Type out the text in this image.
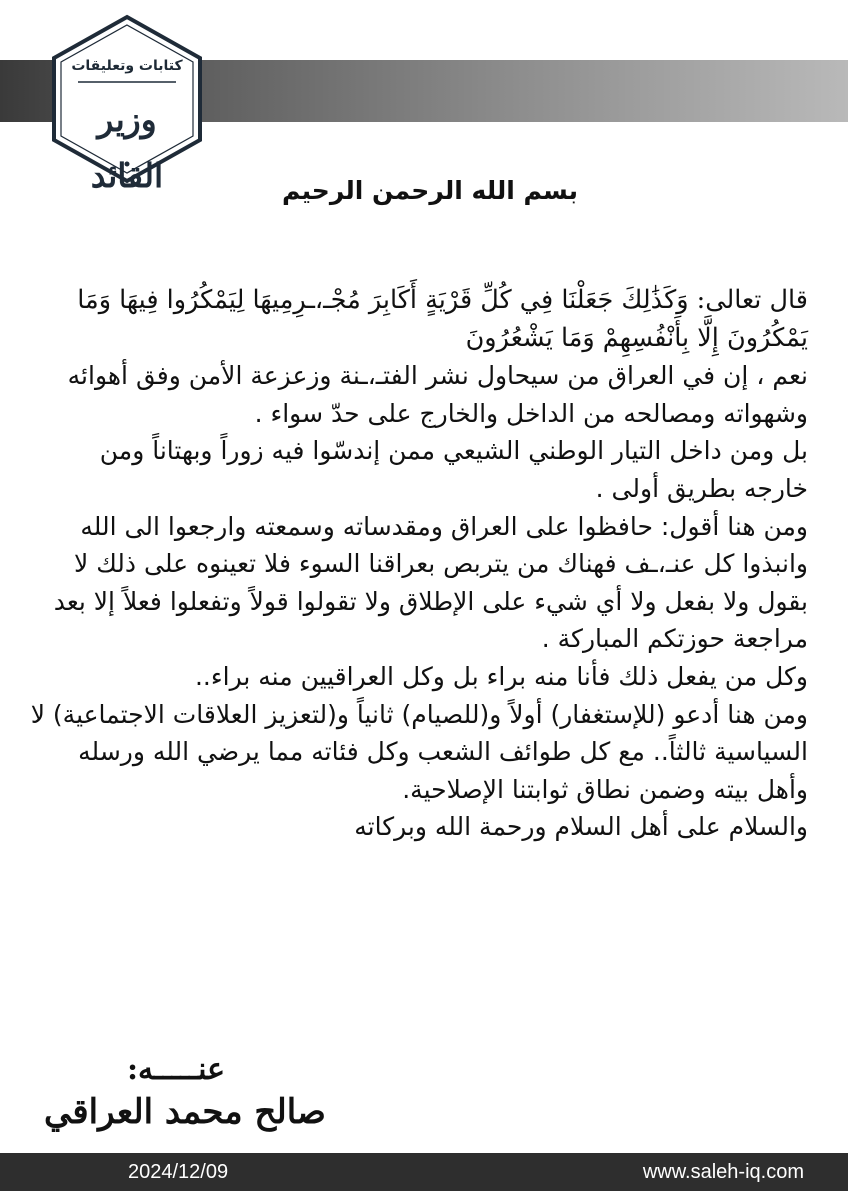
كتابات وتعليقات
وزير القائد	بسم الله الرحمن الرحيم

قال تعالى: وَكَذَٰلِكَ جَعَلْنَا فِي كُلِّ قَرْيَةٍ أَكَابِرَ مُجْـ،ـرِمِيهَا لِيَمْكُرُوا فِيهَا وَمَا يَمْكُرُونَ إِلَّا بِأَنْفُسِهِمْ وَمَا يَشْعُرُونَ

نعم ، إن في العراق من سيحاول نشر الفتـ،ـنة وزعزعة الأمن وفق أهوائه وشهواته ومصالحه من الداخل والخارج على حدّ سواء .

بل ومن داخل التيار الوطني الشيعي ممن إندسّوا فيه زوراً وبهتاناً ومن خارجه بطريق أولى .

ومن هنا أقول: حافظوا على العراق ومقدساته وسمعته وارجعوا الى الله وانبذوا كل عنـ،ـف فهناك من يتربص بعراقنا السوء فلا تعينوه على ذلك لا بقول ولا بفعل ولا أي شيء على الإطلاق ولا تقولوا قولاً وتفعلوا فعلاً إلا بعد مراجعة حوزتكم المباركة .

وكل من يفعل ذلك فأنا منه براء بل وكل العراقيين منه براء..

ومن هنا أدعو (للإستغفار) أولاً و(للصيام) ثانياً و(لتعزيز العلاقات الاجتماعية) لا السياسية ثالثاً.. مع كل طوائف الشعب وكل فئاته مما يرضي الله ورسله وأهل بيته وضمن نطاق ثوابتنا الإصلاحية.

والسلام على أهل السلام ورحمة الله وبركاته

عنـــــه:
صالح محمد العراقي
2024/12/09	www.saleh-iq.com
